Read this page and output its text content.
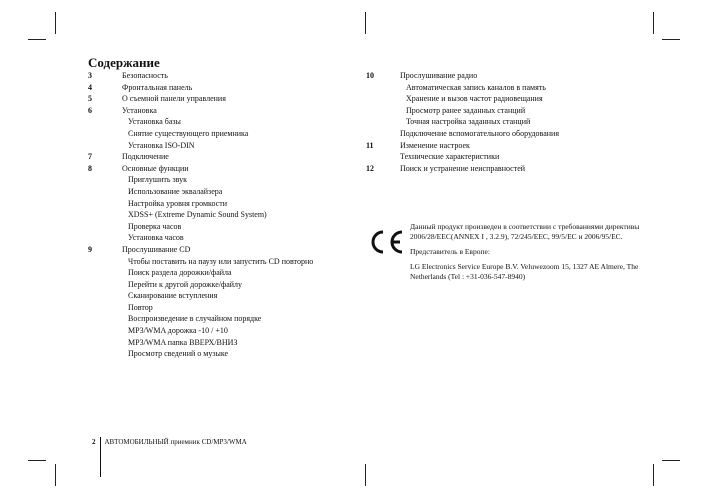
Содержание
3	Безопасность
4	Фронтальная панель
5	О съемной панели управления
6	Установка
Установка базы
Снятие существующего приемника
Установка ISO-DIN
7	Подключение
8	Основные функции
Приглушить звук
Использование эквалайзера
Настройка уровня громкости
XDSS+ (Extreme Dynamic Sound System)
Проверка часов
Установка часов
9	Прослушивание CD
Чтобы поставить на паузу или запустить CD повторно
Поиск раздела дорожки/файла
Перейти к другой дорожке/файлу
Сканирование вступления
Повтор
Воспроизведение в случайном порядке
MP3/WMA дорожка -10 / +10
MP3/WMA папка ВВЕРХ/ВНИЗ
Просмотр сведений о музыке
10	Прослушивание радио
Автоматическая запись каналов в память
Хранение и вызов частот радиовещания
Просмотр ранее заданных станций
Точная настройка заданных станций
Подключение вспомогательного оборудования
11	Изменение настроек
Технические характеристики
12	Поиск и устранение неисправностей

Данный продукт произведен в соответствии с требованиями директивы 2006/28/EEC(ANNEX I , 3.2.9), 72/245/EEC, 99/5/EC и 2006/95/EC.

Представитель в Европе:

LG Electronics Service Europe B.V. Veluwezoom 15, 1327 AE Almere, The Netherlands (Tel : +31-036-547-8940)

2 АВТОМОБИЛЬНЫЙ приемник CD/MP3/WMA
